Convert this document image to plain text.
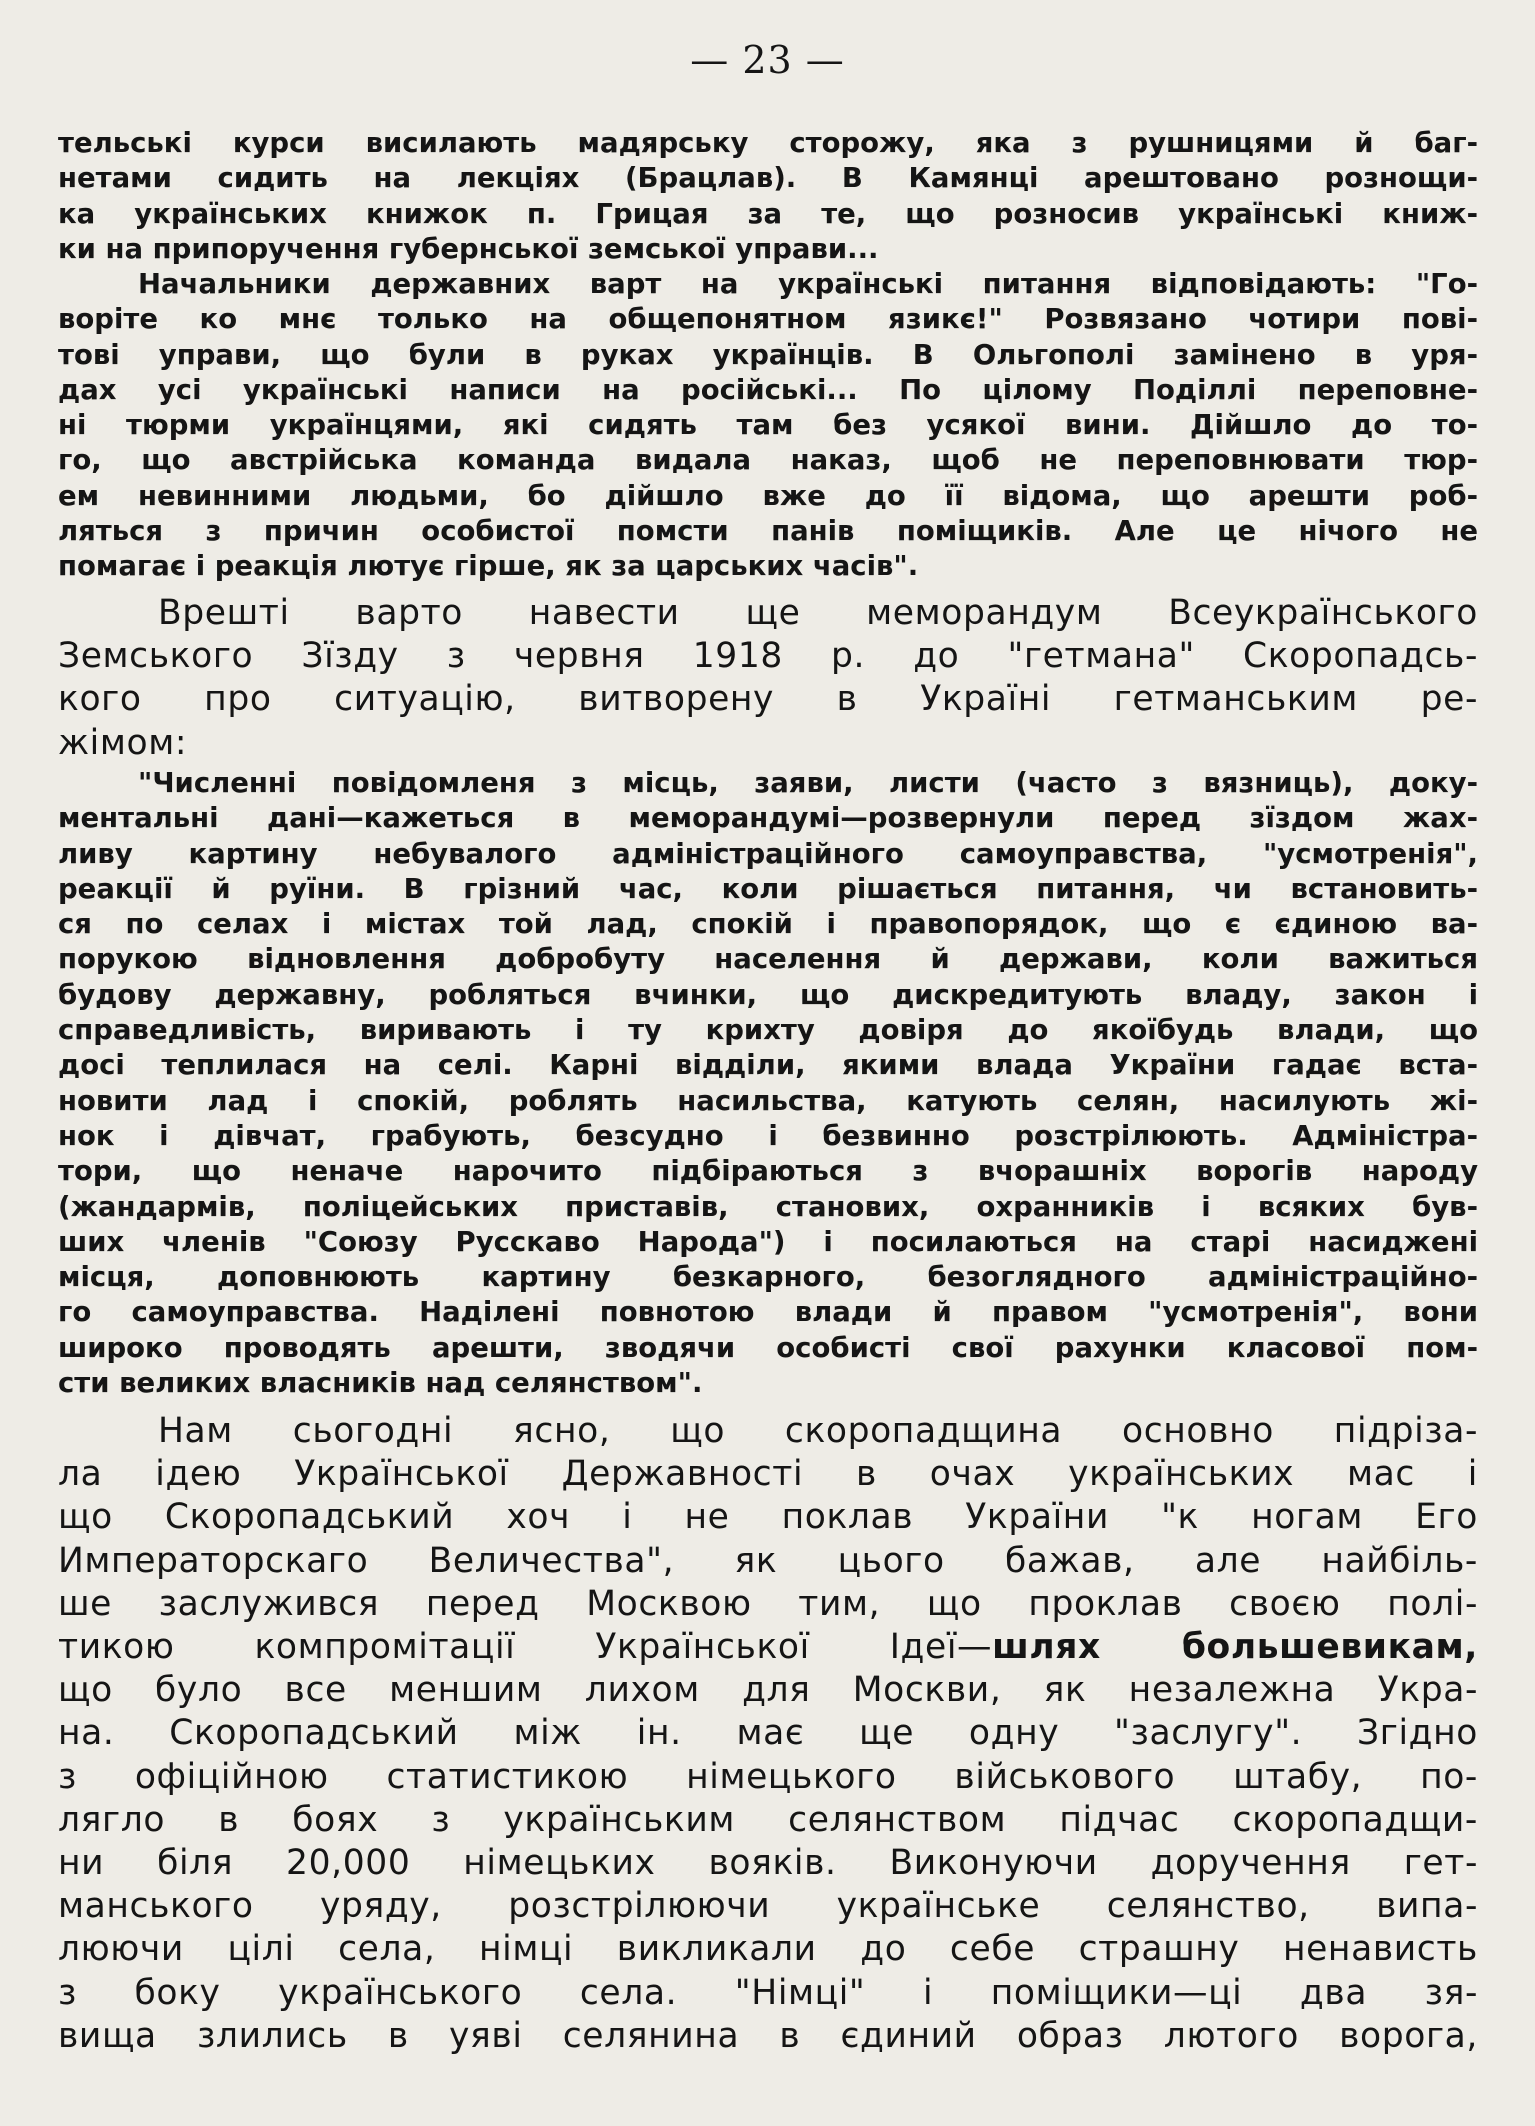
— 23 —
тельські курси висилають мадярську сторожу, яка з рушницями й баг-
нетами сидить на лекціях (Брацлав). В Камянці арештовано рознощи-
ка українських книжок п. Грицая за те, що розносив українські книж-
ки на припоручення губернської земської управи...
Начальники державних варт на українські питання відповідають: "Го-
воріте ко мнє только на общепонятном язикє!" Розвязано чотири пові-
тові управи, що були в руках українців. В Ольгополі замінено в уря-
дах усі українські написи на російські... По цілому Поділлі переповне-
ні тюрми українцями, які сидять там без усякої вини. Дійшло до то-
го, що австрійська команда видала наказ, щоб не переповнювати тюр-
ем невинними людьми, бо дійшло вже до її відома, що арешти роб-
ляться з причин особистої помсти панів поміщиків. Але це нічого не
помагає і реакція лютує гірше, як за царських часів".
Врешті варто навести ще меморандум Всеукраїнського
Земського Зїзду з червня 1918 р. до "гетмана" Скоропадсь-
кого про ситуацію, витворену в Україні гетманським ре-
жімом:
"Численні повідомленя з місць, заяви, листи (часто з вязниць), доку-
ментальні дані—кажеться в меморандумі—розвернули перед зїздом жах-
ливу картину небувалого адміністраційного самоуправства, "усмотренія",
реакції й руїни. В грізний час, коли рішається питання, чи встановить-
ся по селах і містах той лад, спокій і правопорядок, що є єдиною ва-
порукою відновлення добробуту населення й держави, коли важиться
будову державну, робляться вчинки, що дискредитують владу, закон і
справедливість, виривають і ту крихту довіря до якоїбудь влади, що
досі теплилася на селі. Карні відділи, якими влада України гадає вста-
новити лад і спокій, роблять насильства, катують селян, насилують жі-
нок і дівчат, грабують, безсудно і безвинно розстрілюють. Адміністра-
тори, що неначе нарочито підбіраються з вчорашніх ворогів народу
(жандармів, поліцейських приставів, станових, охранників і всяких був-
ших членів "Союзу Русскаво Народа") і посилаються на старі насиджені
місця, доповнюють картину безкарного, безоглядного адміністраційно-
го самоуправства. Наділені повнотою влади й правом "усмотренія", вони
широко проводять арешти, зводячи особисті свої рахунки класової пом-
сти великих власників над селянством".
Нам сьогодні ясно, що скоропадщина основно підріза-
ла ідею Української Державності в очах українських мас і
що Скоропадський хоч і не поклав України "к ногам Его
Императорскаго Величества", як цього бажав, але найбіль-
ше заслужився перед Москвою тим, що проклав своєю полі-
тикою компромітації Української Ідеї—шлях большевикам,
що було все меншим лихом для Москви, як незалежна Укра-
на. Скоропадський між ін. має ще одну "заслугу". Згідно
з офіційною статистикою німецького військового штабу, по-
лягло в боях з українським селянством підчас скоропадщи-
ни біля 20,000 німецьких вояків. Виконуючи доручення гет-
манського уряду, розстрілюючи українське селянство, випа-
люючи цілі села, німці викликали до себе страшну ненависть
з боку українського села. "Німці" і поміщики—ці два зя-
вища злились в уяві селянина в єдиний образ лютого ворога,
